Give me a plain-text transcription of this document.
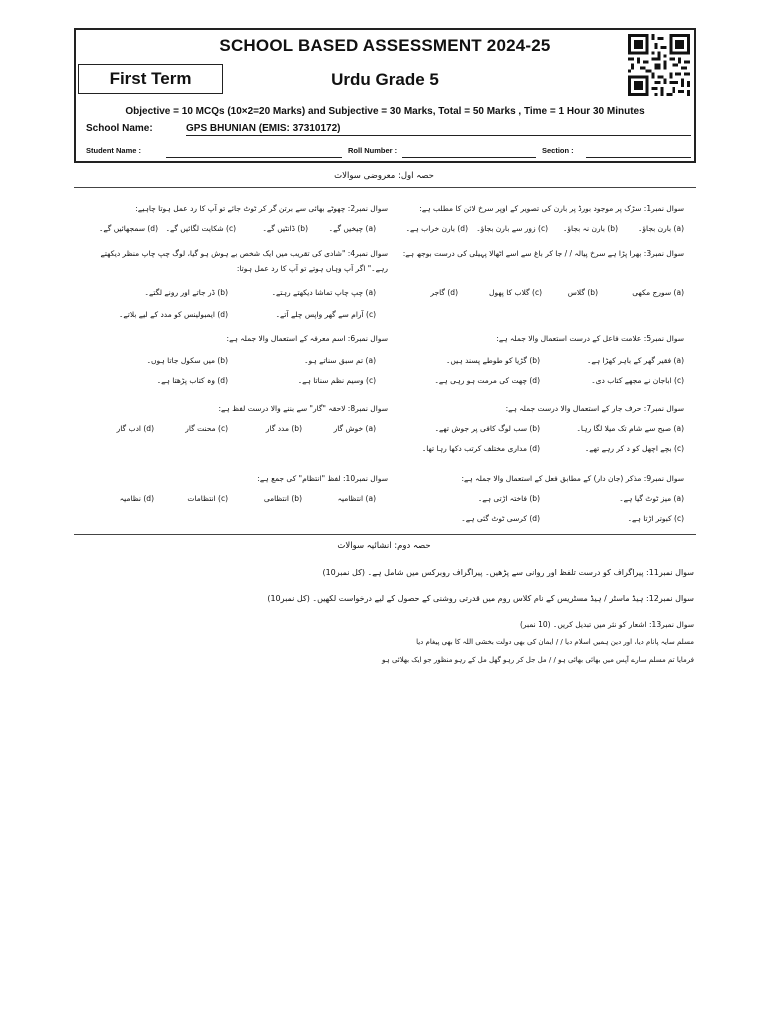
SCHOOL BASED ASSESSMENT 2024-25
First Term	Urdu Grade 5
Objective = 10 MCQs (10×2=20 Marks) and Subjective = 30 Marks, Total = 50 Marks , Time = 1 Hour 30 Minutes
School Name:	GPS BHUNIAN (EMIS: 37310172)
Student Name :	Roll Number :	Section :
حصہ اول: معروضی سوالات
سوال نمبر1: سڑک پر موجود بورڈ پر بارن کی تصویر کے اوپر سرخ لائن کا مطلب ہے:
(a) بارن بجاؤ۔
(b) بارن نہ بجاؤ۔
(c) زور سے بارن بجاؤ۔
(d) بارن خراب ہے۔
سوال نمبر3: بھرا پڑا ہے سرخ پیالہ / / جا کر باغ سے اسے اٹھالا پہیلی کی درست بوجھ ہے:
(a) سورج مکھی
(b) گلاس
(c) گلاب کا پھول
(d) گاجر
سوال نمبر5: علامت فاعل کے درست استعمال والا جملہ ہے:
(a) فقیر گھر کے باہر کھڑا ہے۔
(b) گڑیا کو طوطے پسند ہیں۔
(c) اباجان نے مجھے کتاب دی۔
(d) چھت کی مرمت ہو رہی ہے۔
سوال نمبر7: حرف جار کے استعمال والا درست جملہ ہے:
(a) صبح سے شام تک میلا لگا رہا۔
(b) سب لوگ کافی پر جوش تھے۔
(c) بچے اچھل کو د کر رہے تھے۔
(d) مداری مختلف کرتب دکھا رہا تھا۔
سوال نمبر9: مذکر (جان دار) کے مطابق فعل کے استعمال والا جملہ ہے:
(a) میز ٹوٹ گیا ہے۔
(b) فاختہ اڑتی ہے۔
(c) کبوتر اڑتا ہے۔
(d) کرسی ٹوٹ گئی ہے۔
سوال نمبر2: چھوٹے بھائی سے برتن گر کر ٹوٹ جائے تو آپ کا رد عمل ہوتا چاہیے:
(a) چیخیں گے۔
(b) ڈانٹیں گے۔
(c) شکایت لگائیں گے۔
(d) سمجھائیں گے۔
سوال نمبر4: "شادی کی تقریب میں ایک شخص بے ہوش ہو گیا، لوگ چپ چاپ منظر دیکھتے رہے۔" اگر آپ وہاں ہوتے تو آپ کا رد عمل ہوتا:
(a) چپ چاپ تماشا دیکھتے رہتے۔
(b) ڈر جاتے اور رونے لگتے۔
(c) آرام سے گھر واپس چلے آتے۔
(d) ایمبولینس کو مدد کے لیے بلاتے۔
سوال نمبر6: اسم معرفہ کے استعمال والا جملہ ہے:
(a) تم سبق سناتے ہو۔
(b) میں سکول جاتا ہوں۔
(c) وسیم نظم سناتا ہے۔
(d) وہ کتاب پڑھتا ہے۔
سوال نمبر8: لاحقہ "گار" سے بننے والا درست لفظ ہے:
(a) خوش گار
(b) مدد گار
(c) محنت گار
(d) ادب گار
سوال نمبر10: لفظ "انتظام" کی جمع ہے:
(a) انتظامیہ
(b) انتظامی
(c) انتظامات
(d) نظامیہ
حصہ دوم: انشائیہ سوالات
سوال نمبر11: پیراگراف کو درست تلفظ اور روانی سے پڑھیں۔ پیراگراف روبرکس میں شامل ہے۔ (کل نمبر10)
سوال نمبر12: ہیڈ ماسٹر / ہیڈ مسٹریس کے نام کلاس روم میں قدرتی روشنی کے حصول کے لیے درخواست لکھیں۔ (کل نمبر10)
سوال نمبر13: اشعار کو نثر میں تبدیل کریں۔ (10 نمبر)
مسلم سایہ پانام دیا، اور دین ہمیں اسلام دیا / / ایمان کی بھی دولت بخشی اللہ کا بھی پیغام دیا
فرمایا تم مسلم سارے آپس میں بھائی بھائی ہو / / مل جل کر رہو گھل مل کے رہو منظور جو ایک بھلائی ہو
